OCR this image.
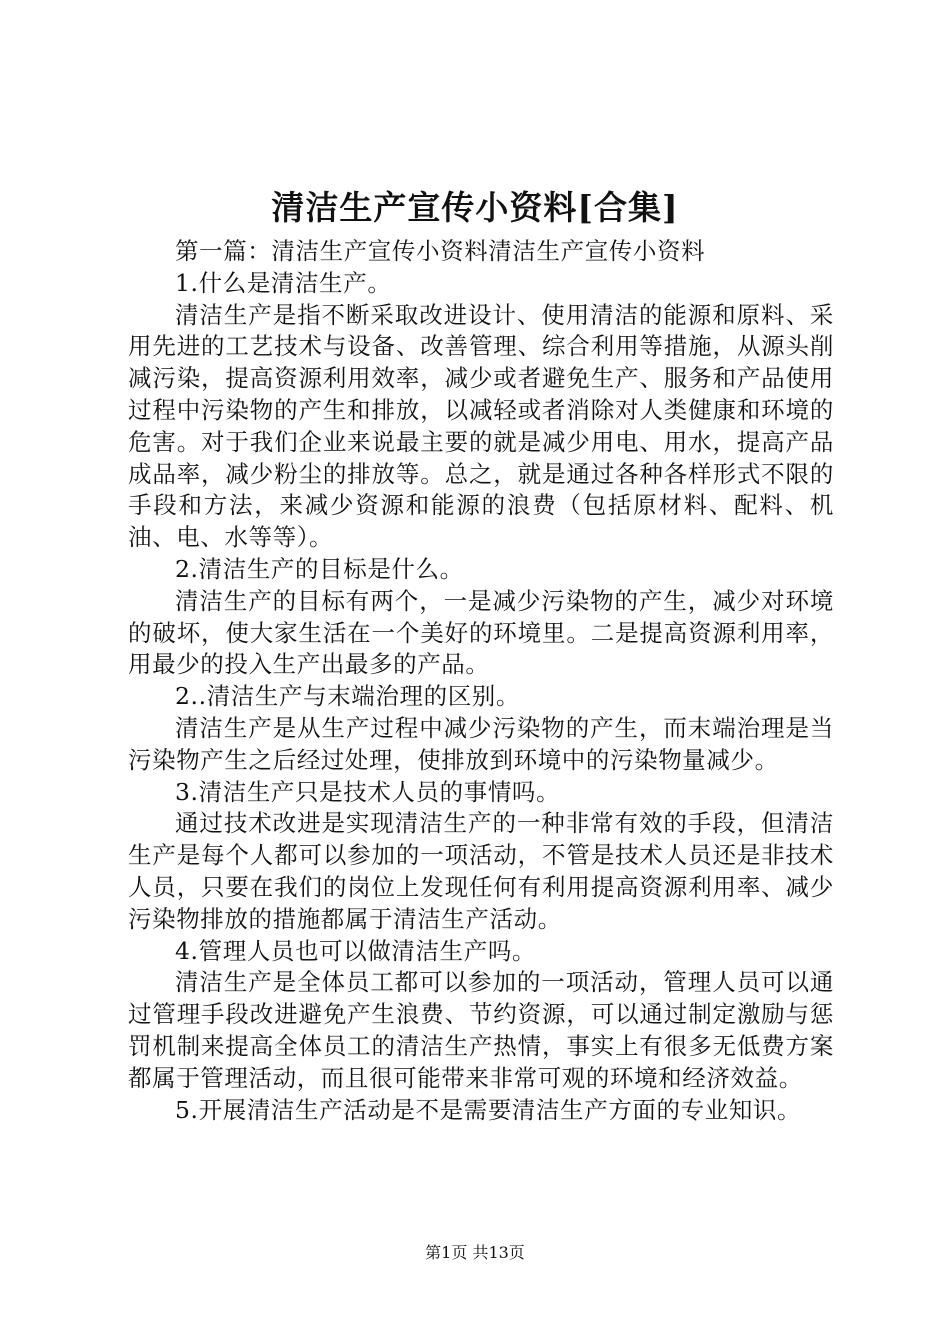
清洁生产宣传小资料[合集]

第一篇：清洁生产宣传小资料清洁生产宣传小资料

1.什么是清洁生产。

清洁生产是指不断采取改进设计、使用清洁的能源和原料、采用先进的工艺技术与设备、改善管理、综合利用等措施，从源头削减污染，提高资源利用效率，减少或者避免生产、服务和产品使用过程中污染物的产生和排放，以减轻或者消除对人类健康和环境的危害。对于我们企业来说最主要的就是减少用电、用水，提高产品成品率，减少粉尘的排放等。总之，就是通过各种各样形式不限的手段和方法，来减少资源和能源的浪费（包括原材料、配料、机油、电、水等等）。

2.清洁生产的目标是什么。

清洁生产的目标有两个，一是减少污染物的产生，减少对环境的破坏，使大家生活在一个美好的环境里。二是提高资源利用率，用最少的投入生产出最多的产品。

2..清洁生产与末端治理的区别。

清洁生产是从生产过程中减少污染物的产生，而末端治理是当污染物产生之后经过处理，使排放到环境中的污染物量减少。

3.清洁生产只是技术人员的事情吗。

通过技术改进是实现清洁生产的一种非常有效的手段，但清洁生产是每个人都可以参加的一项活动，不管是技术人员还是非技术人员，只要在我们的岗位上发现任何有利用提高资源利用率、减少污染物排放的措施都属于清洁生产活动。

4.管理人员也可以做清洁生产吗。

清洁生产是全体员工都可以参加的一项活动，管理人员可以通过管理手段改进避免产生浪费、节约资源，可以通过制定激励与惩罚机制来提高全体员工的清洁生产热情，事实上有很多无低费方案都属于管理活动，而且很可能带来非常可观的环境和经济效益。

5.开展清洁生产活动是不是需要清洁生产方面的专业知识。

第1页 共13页
